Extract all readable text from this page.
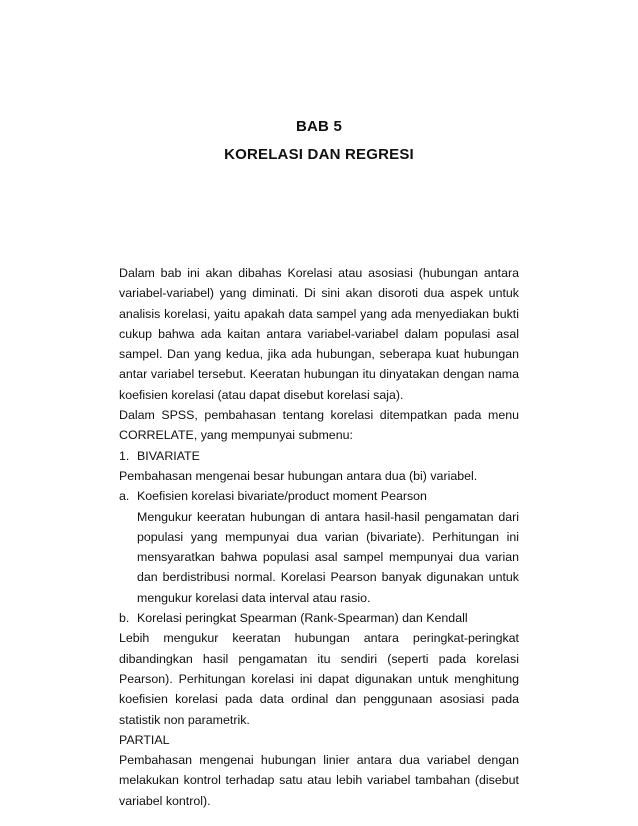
BAB 5
KORELASI DAN REGRESI

Dalam bab ini akan dibahas Korelasi atau asosiasi (hubungan antara variabel-variabel) yang diminati. Di sini akan disoroti dua aspek untuk analisis korelasi, yaitu apakah data sampel yang ada menyediakan bukti cukup bahwa ada kaitan antara variabel-variabel dalam populasi asal sampel. Dan yang kedua, jika ada hubungan, seberapa kuat hubungan antar variabel tersebut. Keeratan hubungan itu dinyatakan dengan nama koefisien korelasi (atau dapat disebut korelasi saja).

Dalam SPSS, pembahasan tentang korelasi ditempatkan pada menu CORRELATE, yang mempunyai submenu:

1. BIVARIATE

Pembahasan mengenai besar hubungan antara dua (bi) variabel.

a. Koefisien korelasi bivariate/product moment Pearson

Mengukur keeratan hubungan di antara hasil-hasil pengamatan dari populasi yang mempunyai dua varian (bivariate). Perhitungan ini mensyaratkan bahwa populasi asal sampel mempunyai dua varian dan berdistribusi normal. Korelasi Pearson banyak digunakan untuk mengukur korelasi data interval atau rasio.

b. Korelasi peringkat Spearman (Rank-Spearman) dan Kendall

Lebih mengukur keeratan hubungan antara peringkat-peringkat dibandingkan hasil pengamatan itu sendiri (seperti pada korelasi Pearson). Perhitungan korelasi ini dapat digunakan untuk menghitung koefisien korelasi pada data ordinal dan penggunaan asosiasi pada statistik non parametrik.

PARTIAL

Pembahasan mengenai hubungan linier antara dua variabel dengan melakukan kontrol terhadap satu atau lebih variabel tambahan (disebut variabel kontrol).
